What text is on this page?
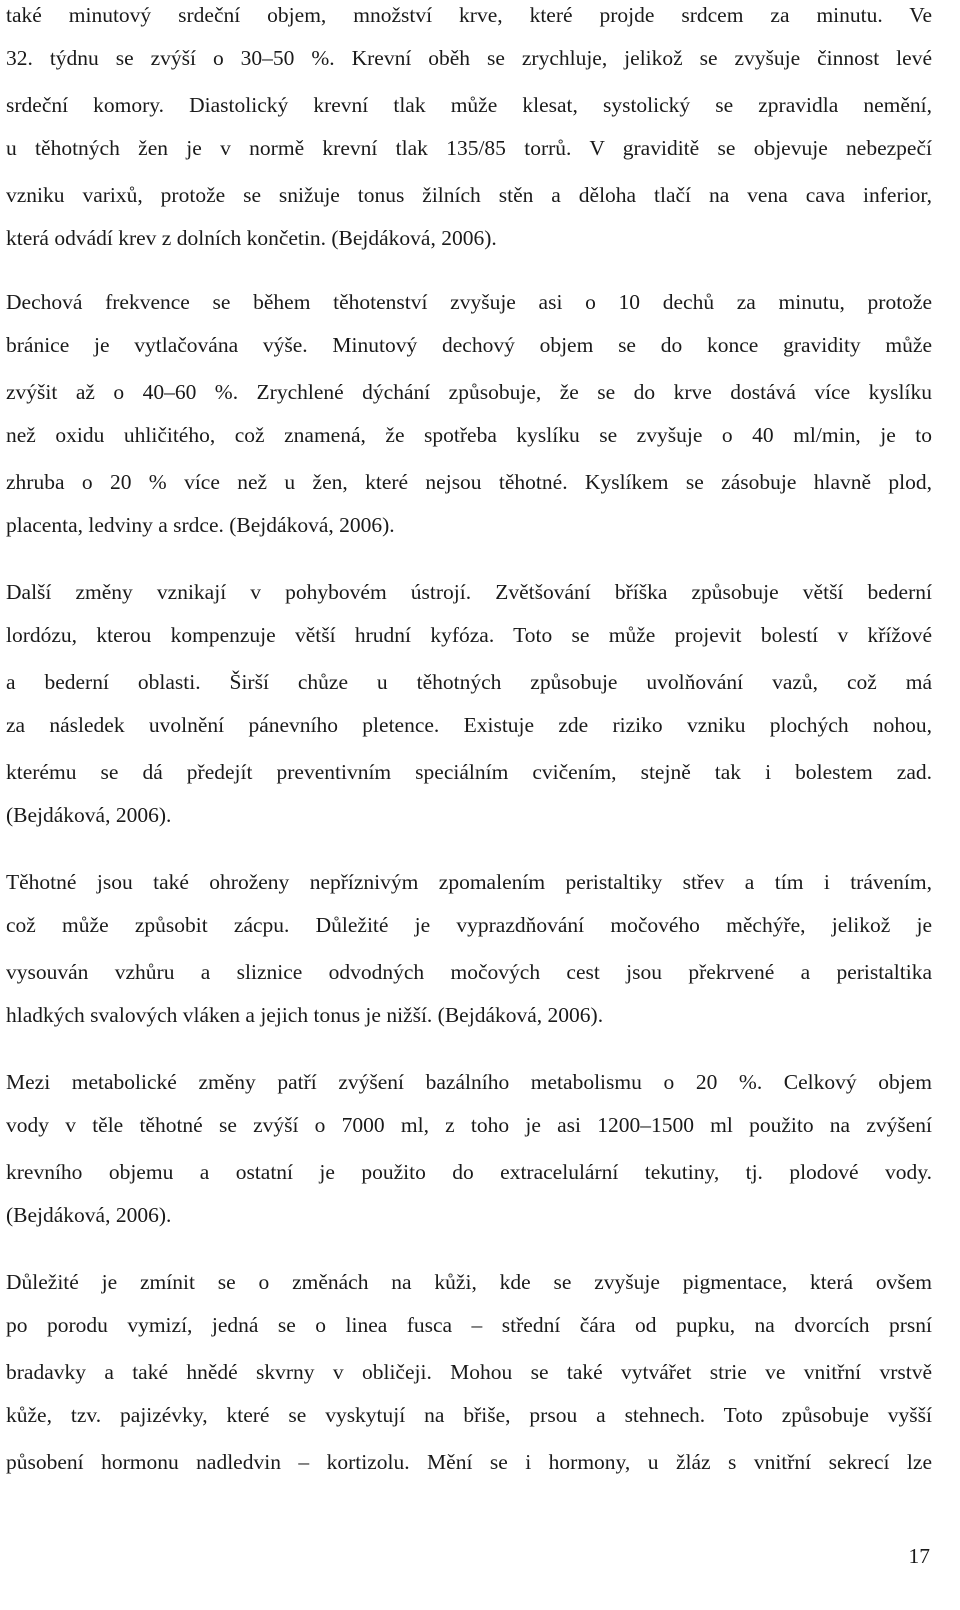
také minutový srdeční objem, množství krve, které projde srdcem za minutu. Ve
32. týdnu se zvýší o 30–50 %. Krevní oběh se zrychluje, jelikož se zvyšuje činnost levé
srdeční komory. Diastolický krevní tlak může klesat, systolický se zpravidla nemění,
u těhotných žen je v normě krevní tlak 135/85 torrů. V graviditě se objevuje nebezpečí
vzniku varixů, protože se snižuje tonus žilních stěn a děloha tlačí na vena cava inferior,
která odvádí krev z dolních končetin. (Bejdáková, 2006).
Dechová frekvence se během těhotenství zvyšuje asi o 10 dechů za minutu, protože
bránice je vytlačována výše. Minutový dechový objem se do konce gravidity může
zvýšit až o 40–60 %. Zrychlené dýchání způsobuje, že se do krve dostává více kyslíku
než oxidu uhličitého, což znamená, že spotřeba kyslíku se zvyšuje o 40 ml/min, je to
zhruba o 20 % více než u žen, které nejsou těhotné. Kyslíkem se zásobuje hlavně plod,
placenta, ledviny a srdce. (Bejdáková, 2006).
Další změny vznikají v pohybovém ústrojí. Zvětšování bříška způsobuje větší bederní
lordózu, kterou kompenzuje větší hrudní kyfóza. Toto se může projevit bolestí v křížové
a bederní oblasti. Širší chůze u těhotných způsobuje uvolňování vazů, což má
za následek uvolnění pánevního pletence. Existuje zde riziko vzniku plochých nohou,
kterému se dá předejít preventivním speciálním cvičením, stejně tak i bolestem zad.
(Bejdáková, 2006).
Těhotné jsou také ohroženy nepříznivým zpomalením peristaltiky střev a tím i trávením,
což může způsobit zácpu. Důležité je vyprazdňování močového měchýře, jelikož je
vysouván vzhůru a sliznice odvodných močových cest jsou překrvené a peristaltika
hladkých svalových vláken a jejich tonus je nižší. (Bejdáková, 2006).
Mezi metabolické změny patří zvýšení bazálního metabolismu o 20 %. Celkový objem
vody v těle těhotné se zvýší o 7000 ml, z toho je asi 1200–1500 ml použito na zvýšení
krevního objemu a ostatní je použito do extracelulární tekutiny, tj. plodové vody.
(Bejdáková, 2006).
Důležité je zmínit se o změnách na kůži, kde se zvyšuje pigmentace, která ovšem
po porodu vymizí, jedná se o linea fusca – střední čára od pupku, na dvorcích prsní
bradavky a také hnědé skvrny v obličeji. Mohou se také vytvářet strie ve vnitřní vrstvě
kůže, tzv. pajizévky, které se vyskytují na břiše, prsou a stehnech. Toto způsobuje vyšší
působení hormonu nadledvin – kortizolu. Mění se i hormony, u žláz s vnitřní sekrecí lze
17
